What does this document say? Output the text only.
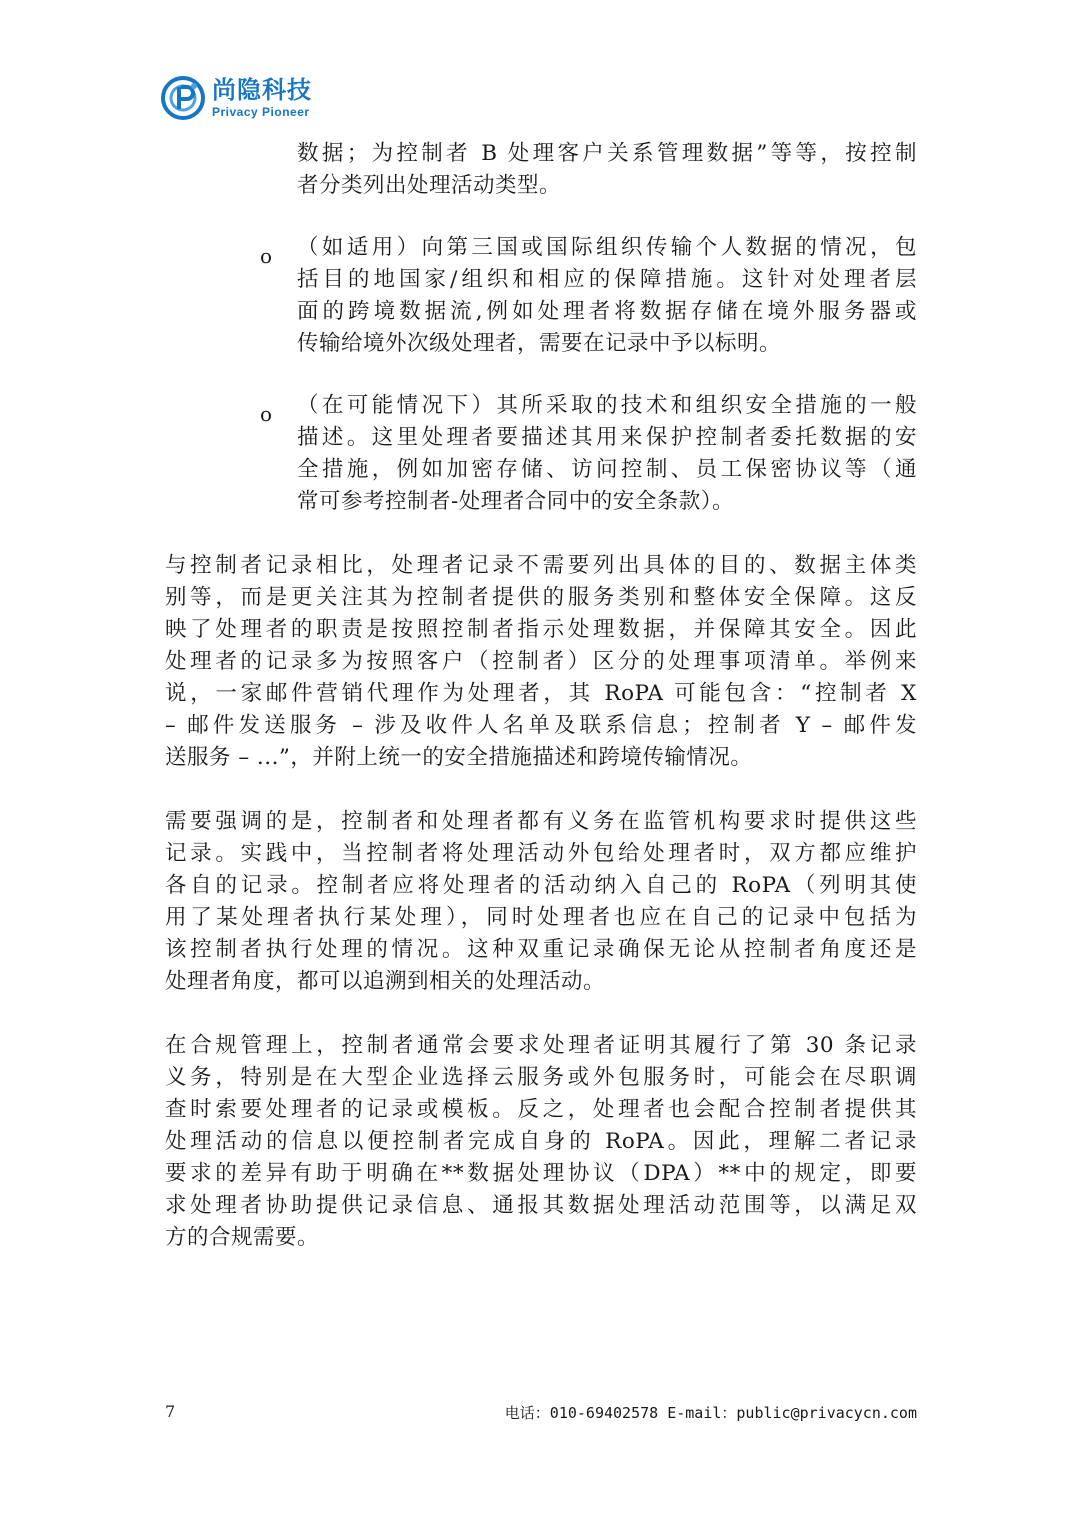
尚隐科技
Privacy Pioneer
数据；为控制者 B 处理客户关系管理数据”等等，按控制
者分类列出处理活动类型。
o （如适用）向第三国或国际组织传输个人数据的情况，包
括目的地国家/组织和相应的保障措施。这针对处理者层
面的跨境数据流,例如处理者将数据存储在境外服务器或
传输给境外次级处理者，需要在记录中予以标明。
o （在可能情况下）其所采取的技术和组织安全措施的一般
描述。这里处理者要描述其用来保护控制者委托数据的安
全措施，例如加密存储、访问控制、员工保密协议等（通
常可参考控制者-处理者合同中的安全条款）。
与控制者记录相比，处理者记录不需要列出具体的目的、数据主体类
别等，而是更关注其为控制者提供的服务类别和整体安全保障。这反
映了处理者的职责是按照控制者指示处理数据，并保障其安全。因此
处理者的记录多为按照客户（控制者）区分的处理事项清单。举例来
说，一家邮件营销代理作为处理者，其 RoPA 可能包含：“控制者 X
– 邮件发送服务 – 涉及收件人名单及联系信息；控制者 Y – 邮件发
送服务 – ...”，并附上统一的安全措施描述和跨境传输情况。
需要强调的是，控制者和处理者都有义务在监管机构要求时提供这些
记录。实践中，当控制者将处理活动外包给处理者时，双方都应维护
各自的记录。控制者应将处理者的活动纳入自己的 RoPA（列明其使
用了某处理者执行某处理），同时处理者也应在自己的记录中包括为
该控制者执行处理的情况。这种双重记录确保无论从控制者角度还是
处理者角度，都可以追溯到相关的处理活动。
在合规管理上，控制者通常会要求处理者证明其履行了第 30 条记录
义务，特别是在大型企业选择云服务或外包服务时，可能会在尽职调
查时索要处理者的记录或模板。反之，处理者也会配合控制者提供其
处理活动的信息以便控制者完成自身的 RoPA。因此，理解二者记录
要求的差异有助于明确在**数据处理协议（DPA）**中的规定，即要
求处理者协助提供记录信息、通报其数据处理活动范围等，以满足双
方的合规需要。
7	电话：010-69402578 E-mail：public@privacycn.com
